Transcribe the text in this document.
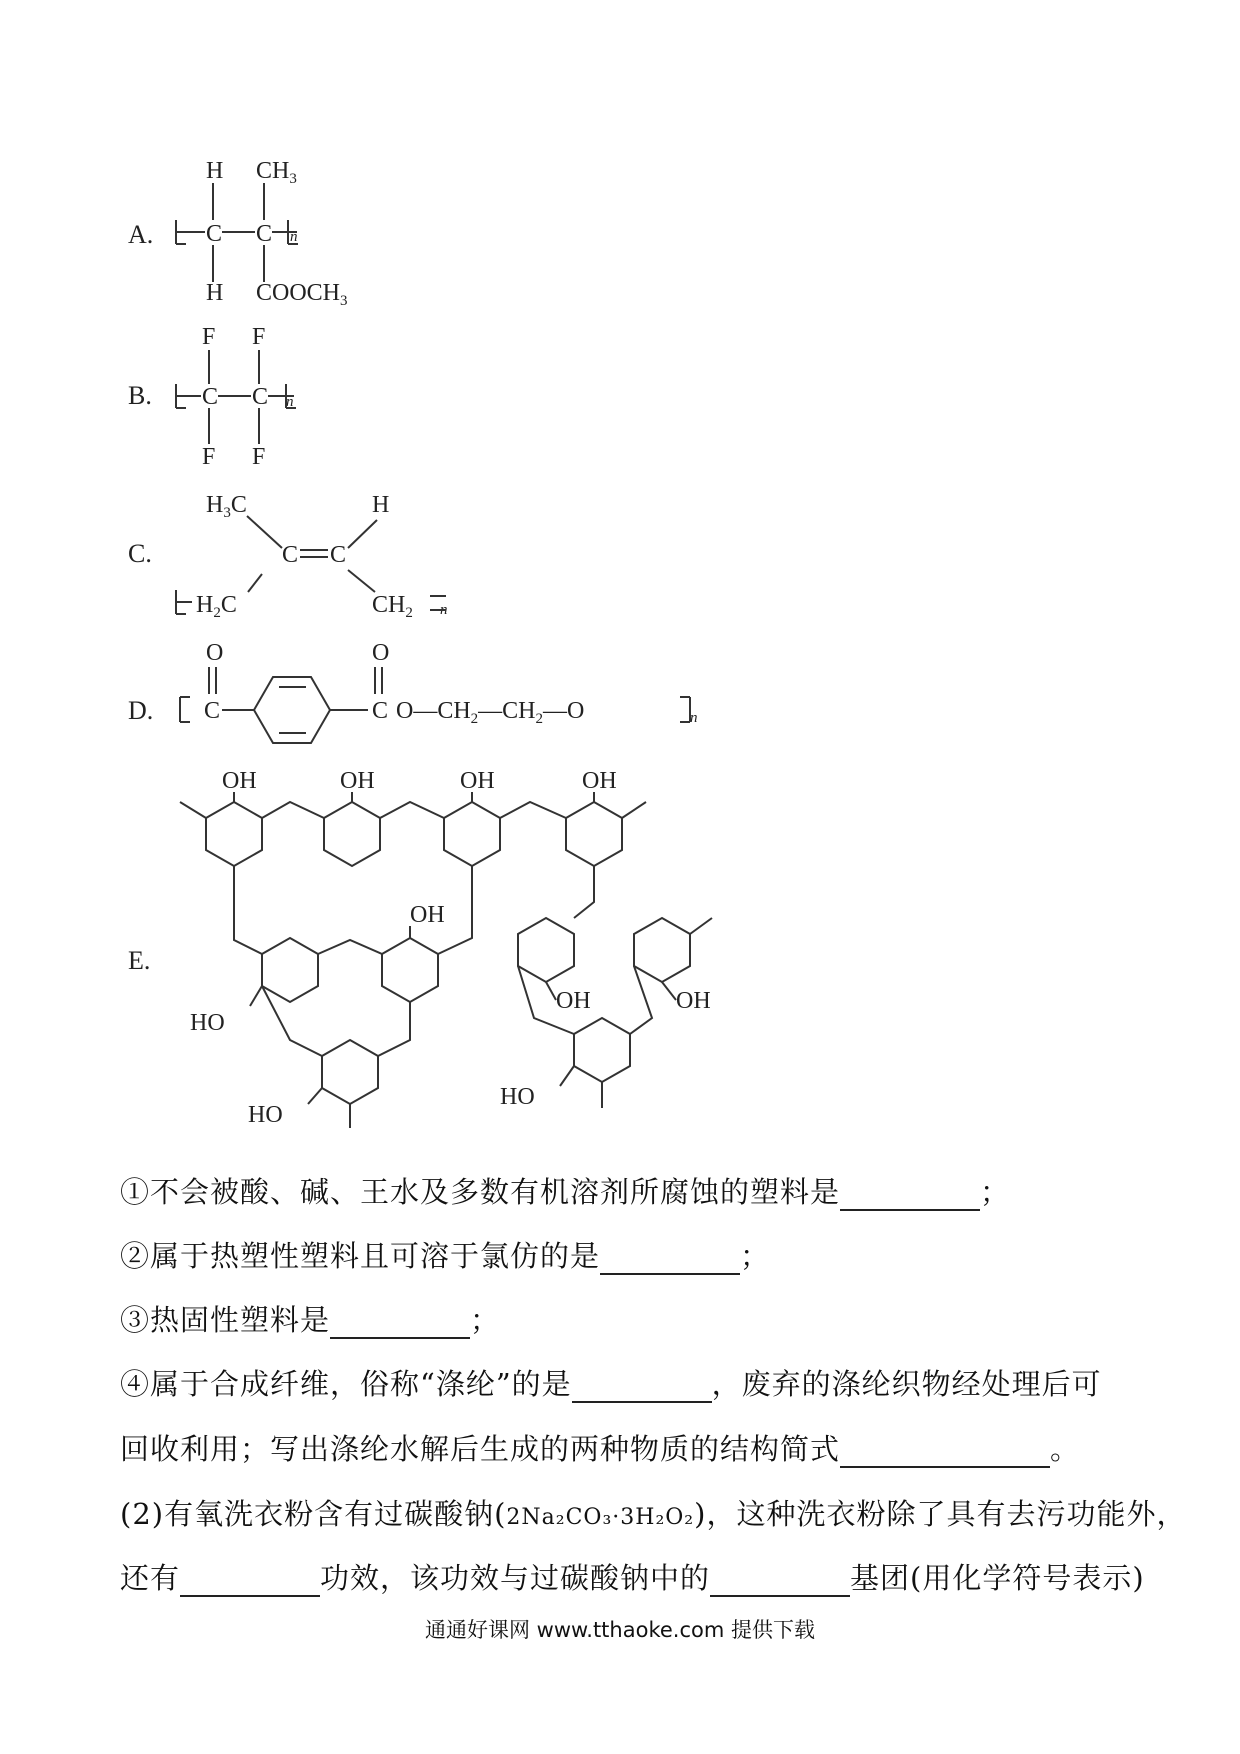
A.
H $CH_3$
C C
H $COOCH_3$
n
B.
F F
C C
F F
n
C.
$H_3C$	H
C C
$H_2C$	$CH_2$ n
D.
O	O
C	C $O—CH_2—CH_2—O$	n
E.
OH	OH	OH	OH
OH
HO
HO
OH	OH
HO
①不会被酸、碱、王水及多数有机溶剂所腐蚀的塑料是	；
②属于热塑性塑料且可溶于氯仿的是	；
③热固性塑料是	；
④属于合成纤维，俗称“涤纶”的是	，废弃的涤纶织物经处理后可
回收利用；写出涤纶水解后生成的两种物质的结构简式	。
(2)有氧洗衣粉含有过碳酸钠(2Na₂CO₃·3H₂O₂)，这种洗衣粉除了具有去污功能外，
还有	功效，该功效与过碳酸钠中的	基团(用化学符号表示)
通通好课网 www.tthaoke.com 提供下载
